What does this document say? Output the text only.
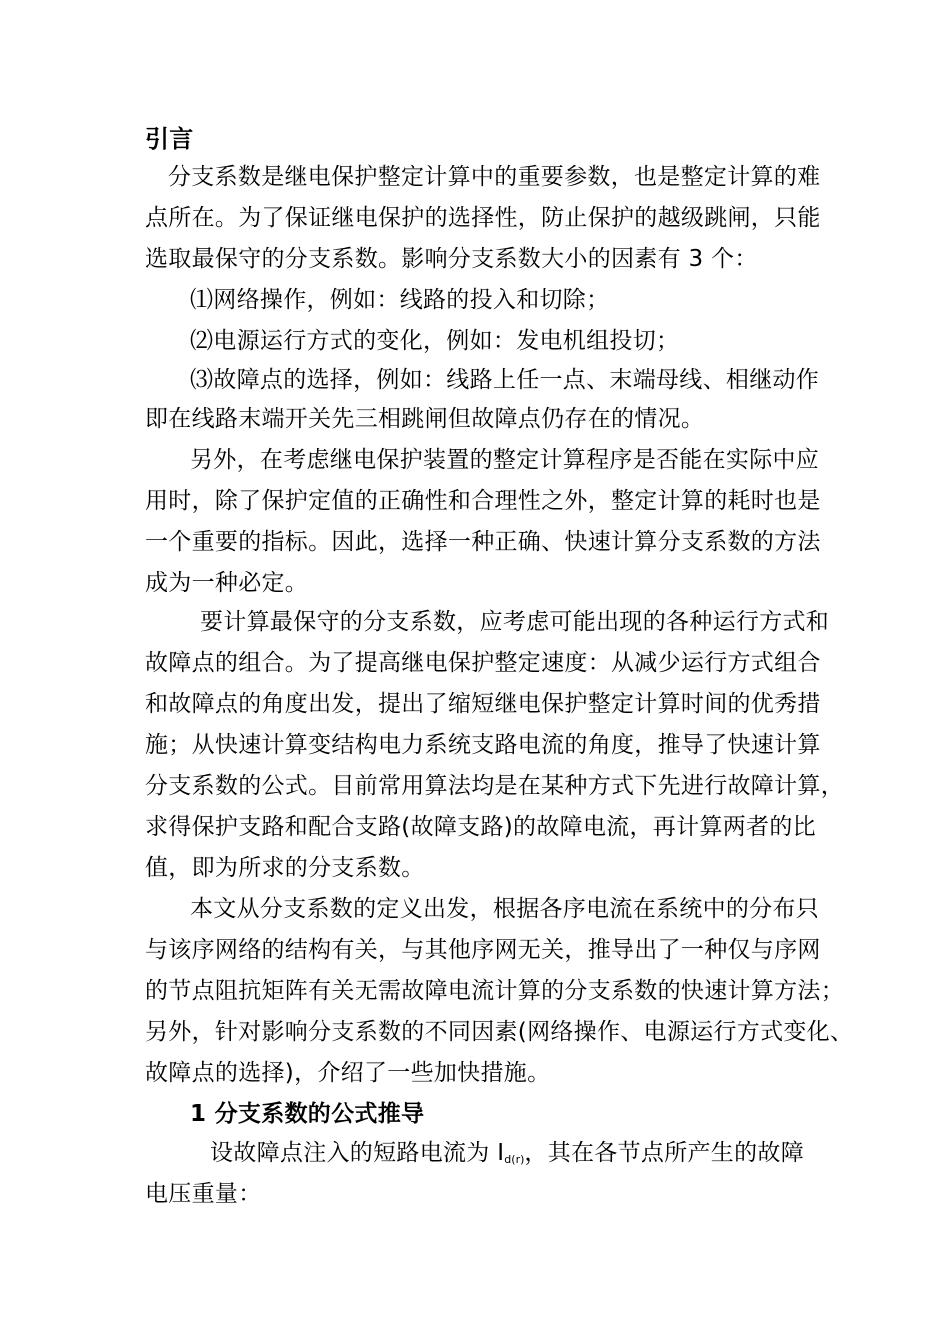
引言
分支系数是继电保护整定计算中的重要参数，也是整定计算的难
点所在。为了保证继电保护的选择性，防止保护的越级跳闸，只能
选取最保守的分支系数。影响分支系数大小的因素有 3 个：
⑴网络操作，例如：线路的投入和切除；
⑵电源运行方式的变化，例如：发电机组投切；
⑶故障点的选择，例如：线路上任一点、末端母线、相继动作
即在线路末端开关先三相跳闸但故障点仍存在的情况。
另外，在考虑继电保护装置的整定计算程序是否能在实际中应
用时，除了保护定值的正确性和合理性之外，整定计算的耗时也是
一个重要的指标。因此，选择一种正确、快速计算分支系数的方法
成为一种必定。
要计算最保守的分支系数，应考虑可能出现的各种运行方式和
故障点的组合。为了提高继电保护整定速度：从减少运行方式组合
和故障点的角度出发，提出了缩短继电保护整定计算时间的优秀措
施；从快速计算变结构电力系统支路电流的角度，推导了快速计算
分支系数的公式。目前常用算法均是在某种方式下先进行故障计算，
求得保护支路和配合支路(故障支路)的故障电流，再计算两者的比
值，即为所求的分支系数。
本文从分支系数的定义出发，根据各序电流在系统中的分布只
与该序网络的结构有关，与其他序网无关，推导出了一种仅与序网
的节点阻抗矩阵有关无需故障电流计算的分支系数的快速计算方法；
另外，针对影响分支系数的不同因素(网络操作、电源运行方式变化、
故障点的选择)，介绍了一些加快措施。
1 分支系数的公式推导
设故障点注入的短路电流为 $I_{d(r)}$，其在各节点所产生的故障
电压重量：
